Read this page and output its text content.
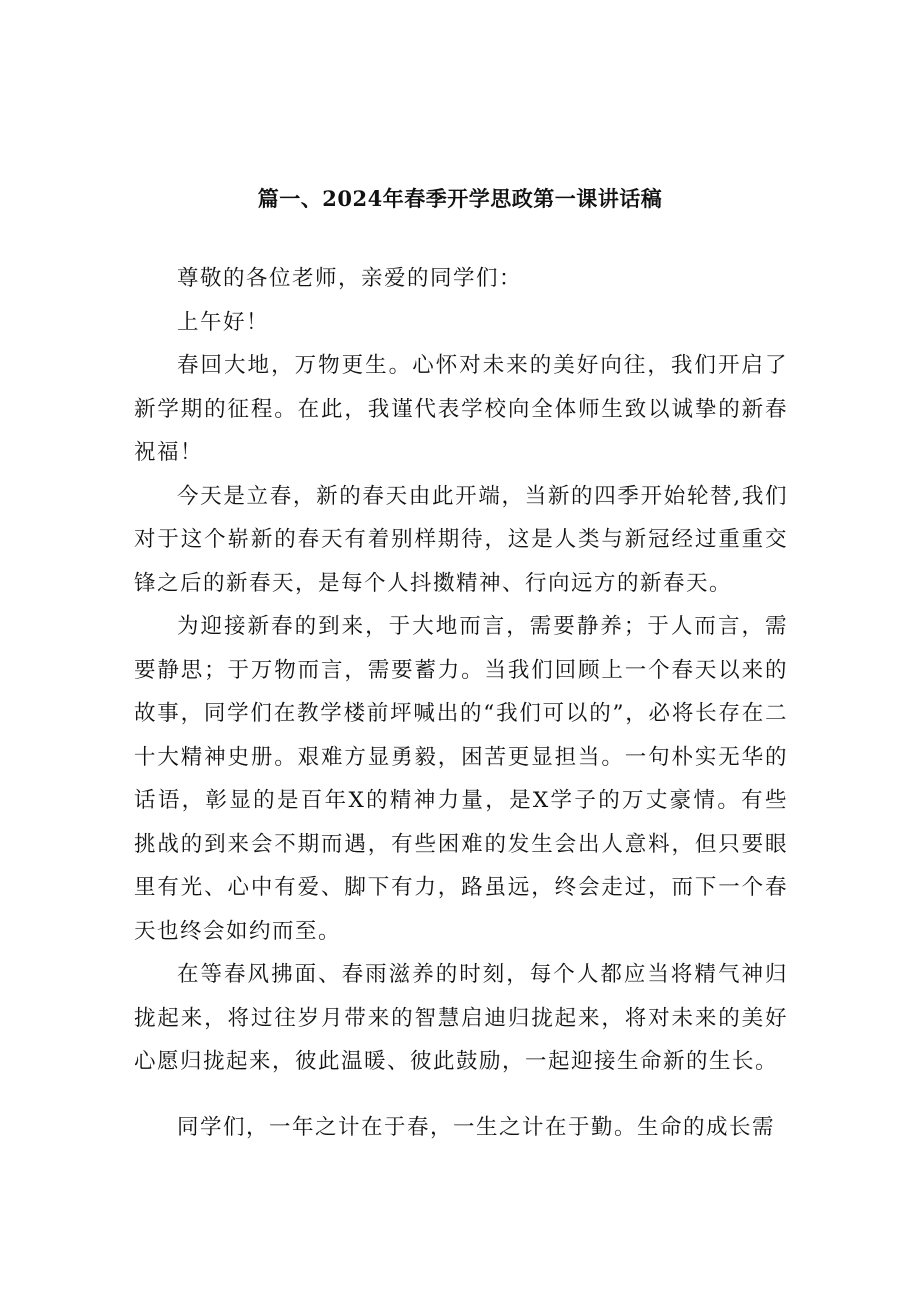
篇一、2024年春季开学思政第一课讲话稿

尊敬的各位老师，亲爱的同学们：

上午好！

春回大地，万物更生。心怀对未来的美好向往，我们开启了新学期的征程。在此，我谨代表学校向全体师生致以诚挚的新春祝福！

今天是立春，新的春天由此开端，当新的四季开始轮替,我们对于这个崭新的春天有着别样期待，这是人类与新冠经过重重交锋之后的新春天，是每个人抖擞精神、行向远方的新春天。

为迎接新春的到来，于大地而言，需要静养；于人而言，需要静思；于万物而言，需要蓄力。当我们回顾上一个春天以来的故事，同学们在教学楼前坪喊出的“我们可以的”，必将长存在二十大精神史册。艰难方显勇毅，困苦更显担当。一句朴实无华的话语，彰显的是百年X的精神力量，是X学子的万丈豪情。有些挑战的到来会不期而遇，有些困难的发生会出人意料，但只要眼里有光、心中有爱、脚下有力，路虽远，终会走过，而下一个春天也终会如约而至。

在等春风拂面、春雨滋养的时刻，每个人都应当将精气神归拢起来，将过往岁月带来的智慧启迪归拢起来，将对未来的美好心愿归拢起来，彼此温暖、彼此鼓励，一起迎接生命新的生长。

同学们，一年之计在于春，一生之计在于勤。生命的成长需
